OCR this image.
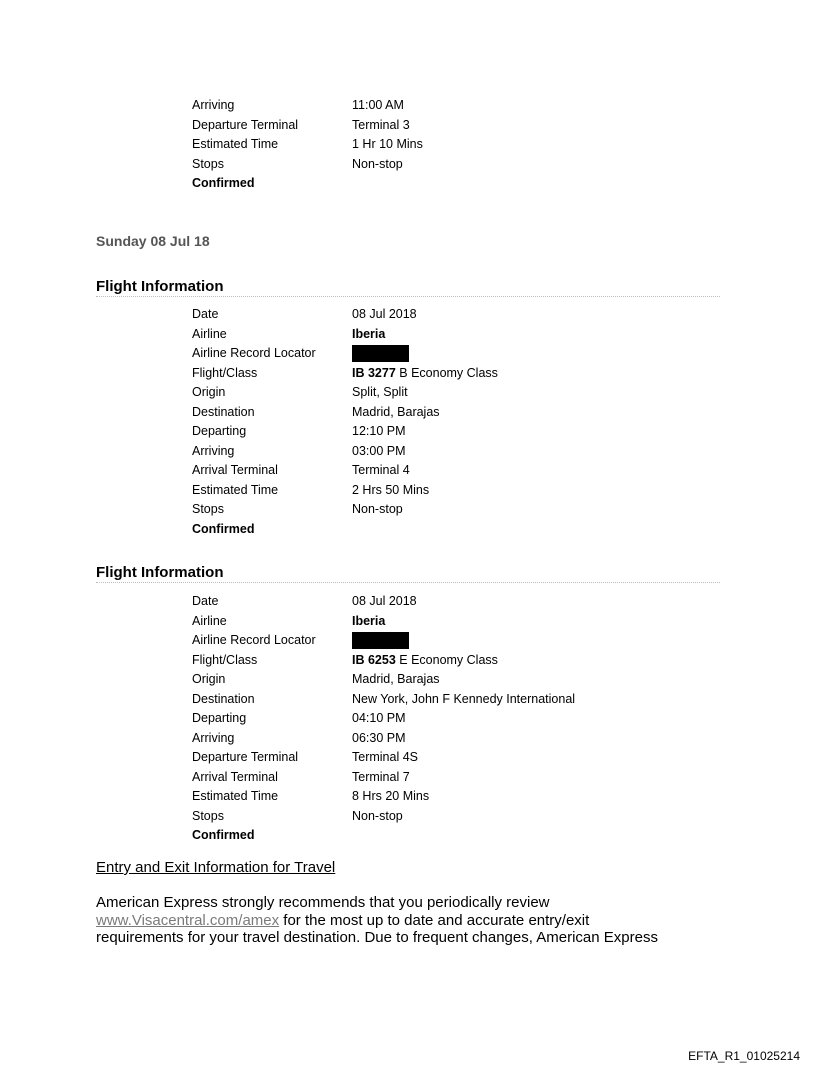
Arriving	11:00 AM
Departure Terminal	Terminal 3
Estimated Time	1 Hr 10 Mins
Stops	Non-stop
Confirmed
Sunday 08 Jul 18
Flight Information
Date	08 Jul 2018
Airline	Iberia
Airline Record Locator
Flight/Class	IB 3277 B Economy Class
Origin	Split, Split
Destination	Madrid, Barajas
Departing	12:10 PM
Arriving	03:00 PM
Arrival Terminal	Terminal 4
Estimated Time	2 Hrs 50 Mins
Stops	Non-stop
Confirmed
Flight Information
Date	08 Jul 2018
Airline	Iberia
Airline Record Locator
Flight/Class	IB 6253 E Economy Class
Origin	Madrid, Barajas
Destination	New York, John F Kennedy International
Departing	04:10 PM
Arriving	06:30 PM
Departure Terminal	Terminal 4S
Arrival Terminal	Terminal 7
Estimated Time	8 Hrs 20 Mins
Stops	Non-stop
Confirmed
Entry and Exit Information for Travel
American Express strongly recommends that you periodically review
www.Visacentral.com/amex for the most up to date and accurate entry/exit
requirements for your travel destination. Due to frequent changes, American Express
EFTA_R1_01025214
